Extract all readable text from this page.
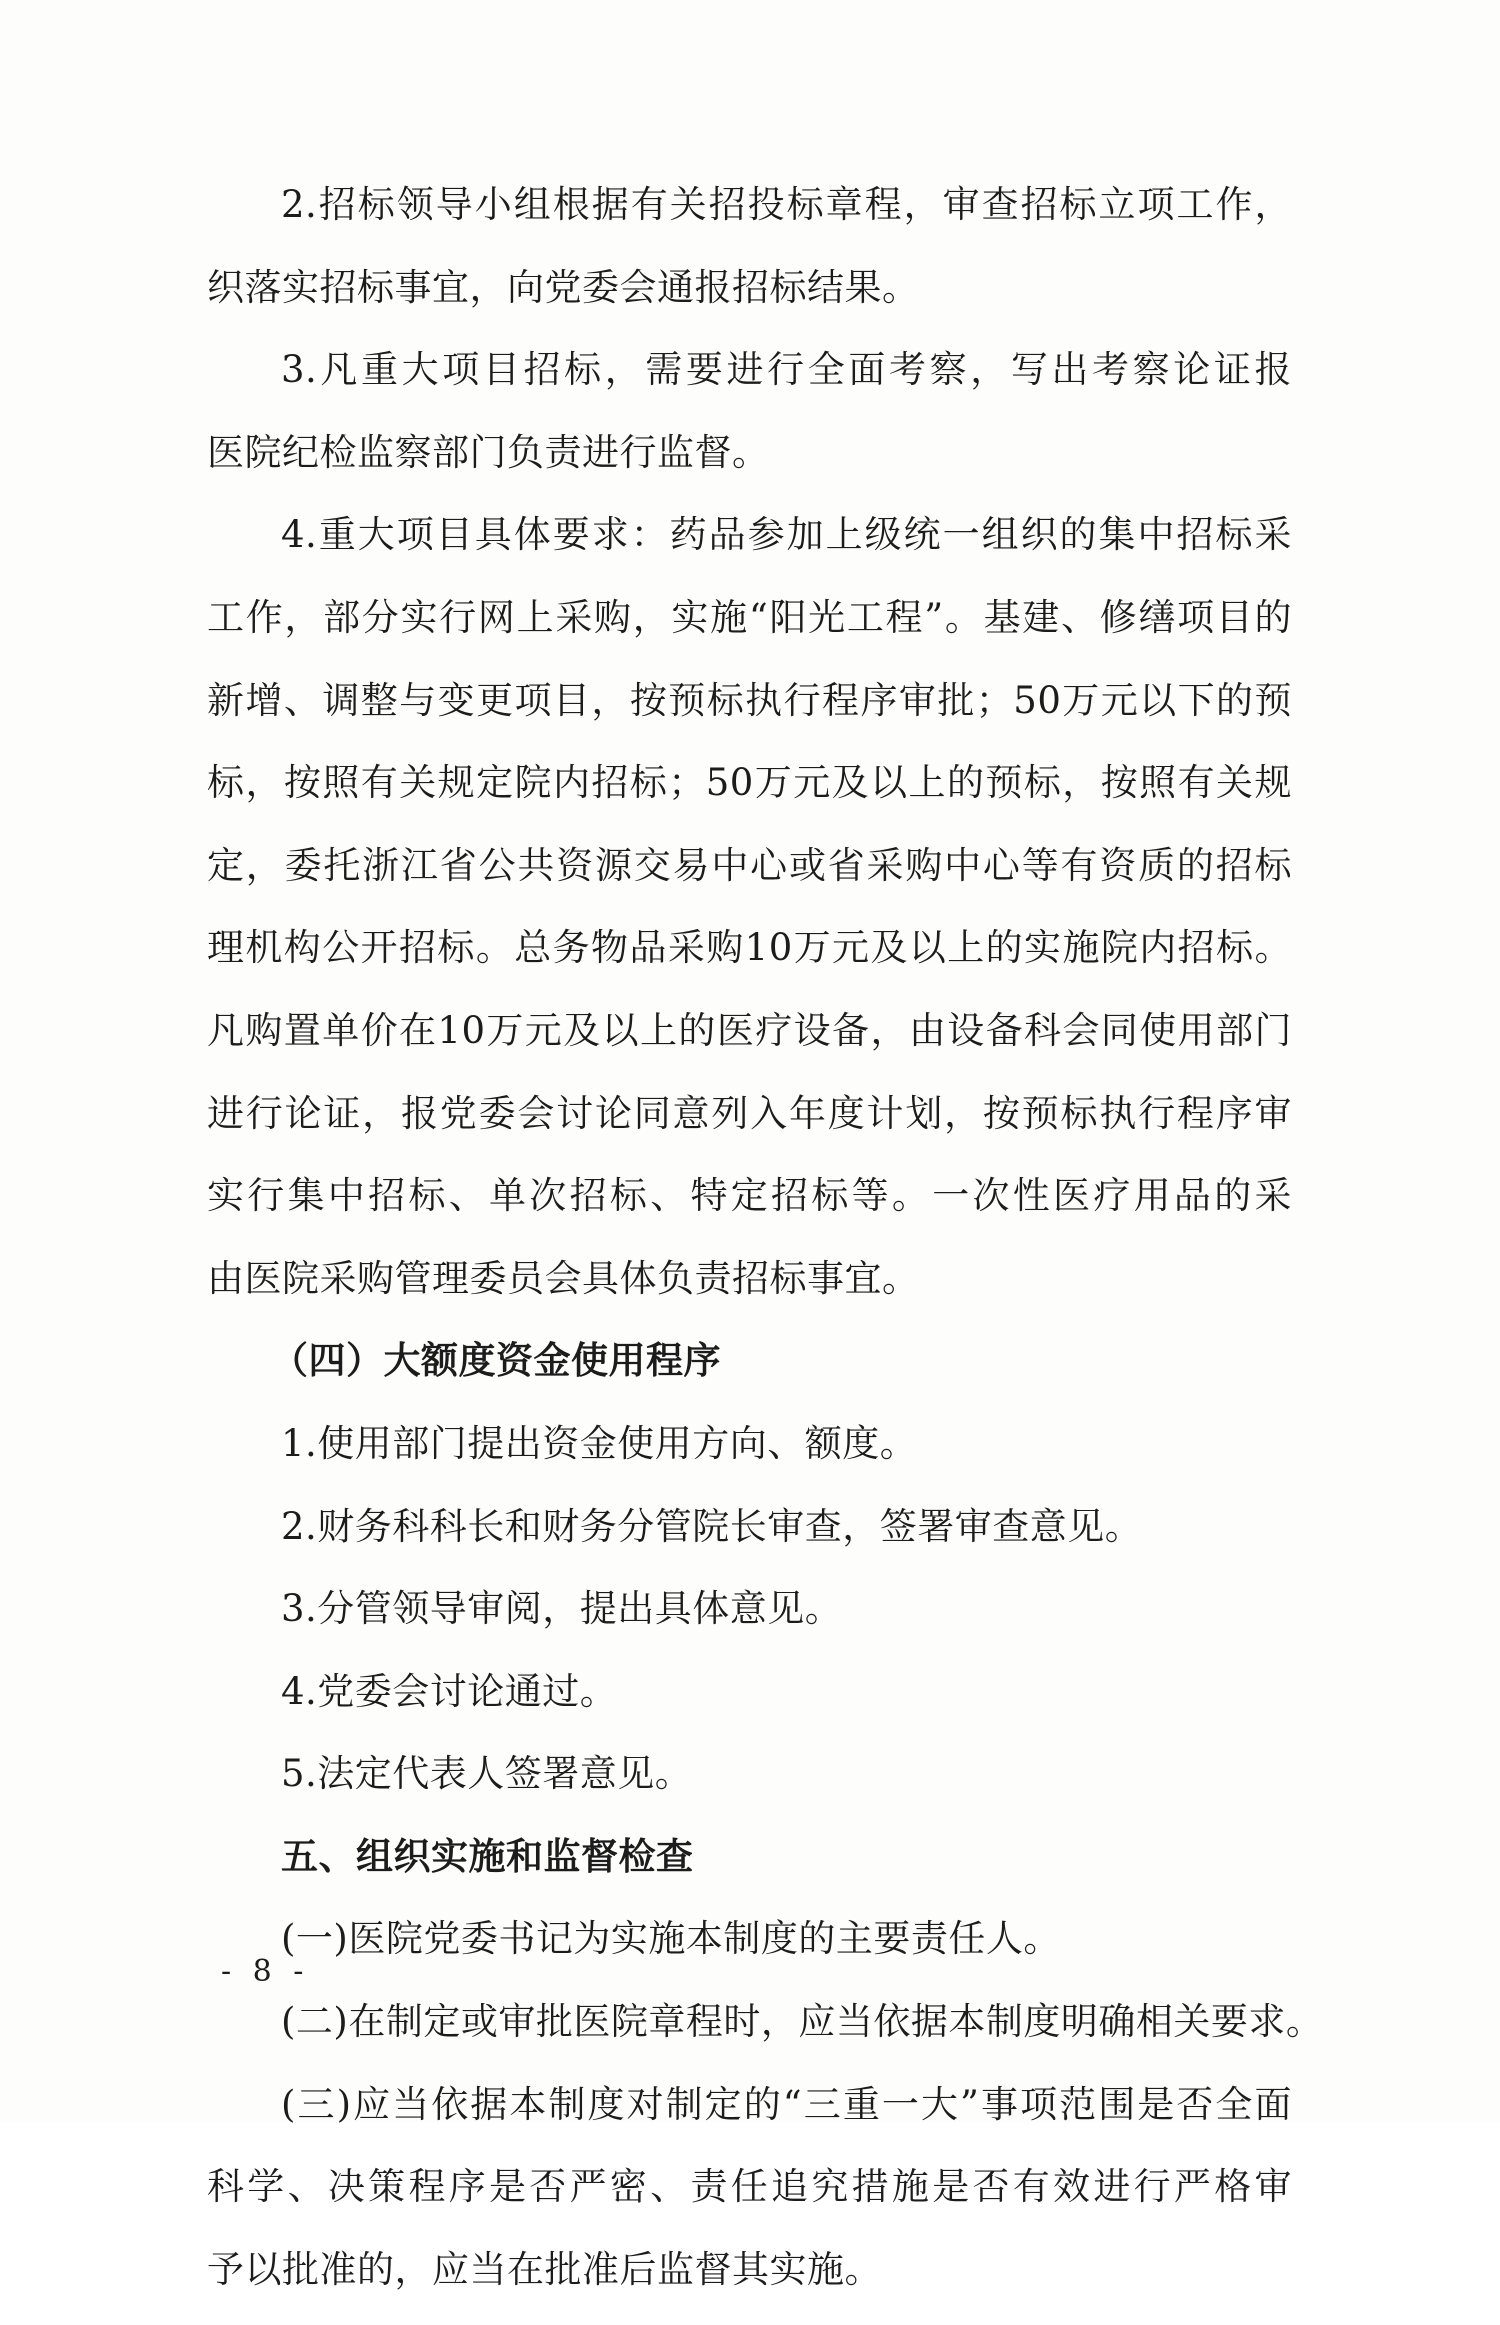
2.招标领导小组根据有关招投标章程，审查招标立项工作，
织落实招标事宜，向党委会通报招标结果。
3.凡重大项目招标，需要进行全面考察，写出考察论证报
医院纪检监察部门负责进行监督。
4.重大项目具体要求：药品参加上级统一组织的集中招标采
工作，部分实行网上采购，实施“阳光工程”。基建、修缮项目的
新增、调整与变更项目，按预标执行程序审批；50万元以下的预
标，按照有关规定院内招标；50万元及以上的预标，按照有关规
定，委托浙江省公共资源交易中心或省采购中心等有资质的招标
理机构公开招标。总务物品采购10万元及以上的实施院内招标。
凡购置单价在10万元及以上的医疗设备，由设备科会同使用部门
进行论证，报党委会讨论同意列入年度计划，按预标执行程序审
实行集中招标、单次招标、特定招标等。一次性医疗用品的采
由医院采购管理委员会具体负责招标事宜。
（四）大额度资金使用程序
1.使用部门提出资金使用方向、额度。
2.财务科科长和财务分管院长审查，签署审查意见。
3.分管领导审阅，提出具体意见。
4.党委会讨论通过。
5.法定代表人签署意见。
五、组织实施和监督检查
(一)医院党委书记为实施本制度的主要责任人。
(二)在制定或审批医院章程时，应当依据本制度明确相关要求。
(三)应当依据本制度对制定的“三重一大”事项范围是否全面
科学、决策程序是否严密、责任追究措施是否有效进行严格审
予以批准的，应当在批准后监督其实施。
- 8 -
